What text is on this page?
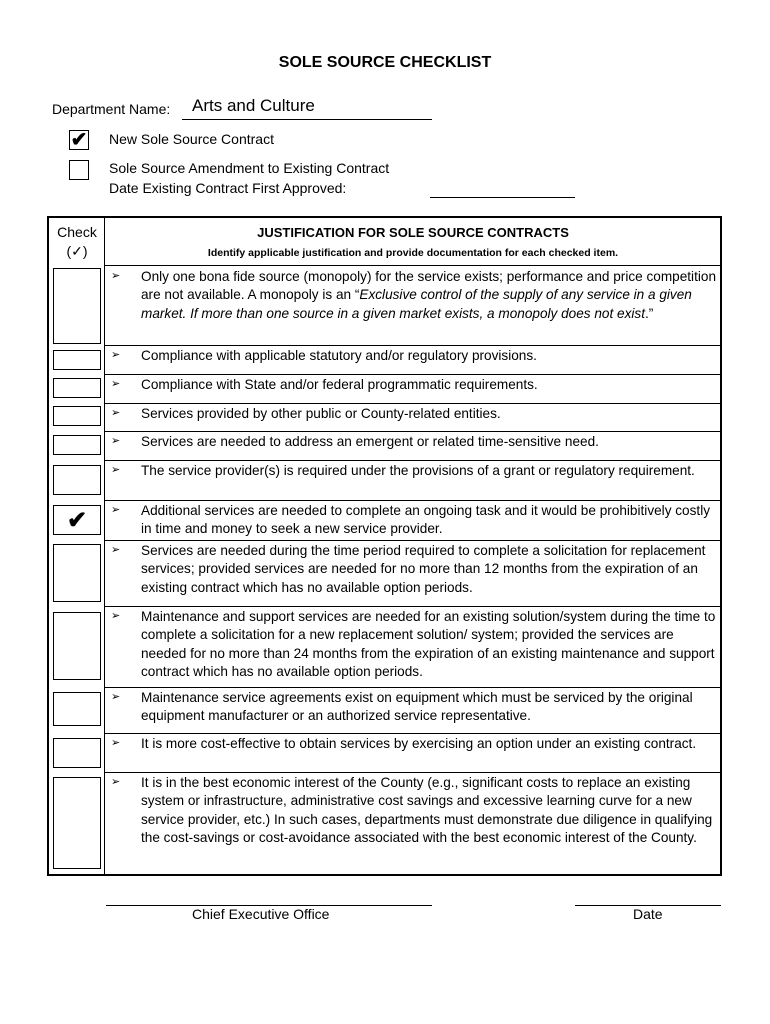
SOLE SOURCE CHECKLIST
Department Name: Arts and Culture
✔ New Sole Source Contract
Sole Source Amendment to Existing Contract
Date Existing Contract First Approved:
Check
(✓)
JUSTIFICATION FOR SOLE SOURCE CONTRACTS
Identify applicable justification and provide documentation for each checked item.
➢ Only one bona fide source (monopoly) for the service exists; performance and price competition are not available. A monopoly is an “Exclusive control of the supply of any service in a given market. If more than one source in a given market exists, a monopoly does not exist.”
➢ Compliance with applicable statutory and/or regulatory provisions.
➢ Compliance with State and/or federal programmatic requirements.
➢ Services provided by other public or County-related entities.
➢ Services are needed to address an emergent or related time-sensitive need.
➢ The service provider(s) is required under the provisions of a grant or regulatory requirement.
✔	➢ Additional services are needed to complete an ongoing task and it would be prohibitively costly in time and money to seek a new service provider.
➢ Services are needed during the time period required to complete a solicitation for replacement services; provided services are needed for no more than 12 months from the expiration of an existing contract which has no available option periods.
➢ Maintenance and support services are needed for an existing solution/system during the time to complete a solicitation for a new replacement solution/ system; provided the services are needed for no more than 24 months from the expiration of an existing maintenance and support contract which has no available option periods.
➢ Maintenance service agreements exist on equipment which must be serviced by the original equipment manufacturer or an authorized service representative.
➢ It is more cost-effective to obtain services by exercising an option under an existing contract.
➢ It is in the best economic interest of the County (e.g., significant costs to replace an existing system or infrastructure, administrative cost savings and excessive learning curve for a new service provider, etc.) In such cases, departments must demonstrate due diligence in qualifying the cost-savings or cost-avoidance associated with the best economic interest of the County.
Chief Executive Office	Date
